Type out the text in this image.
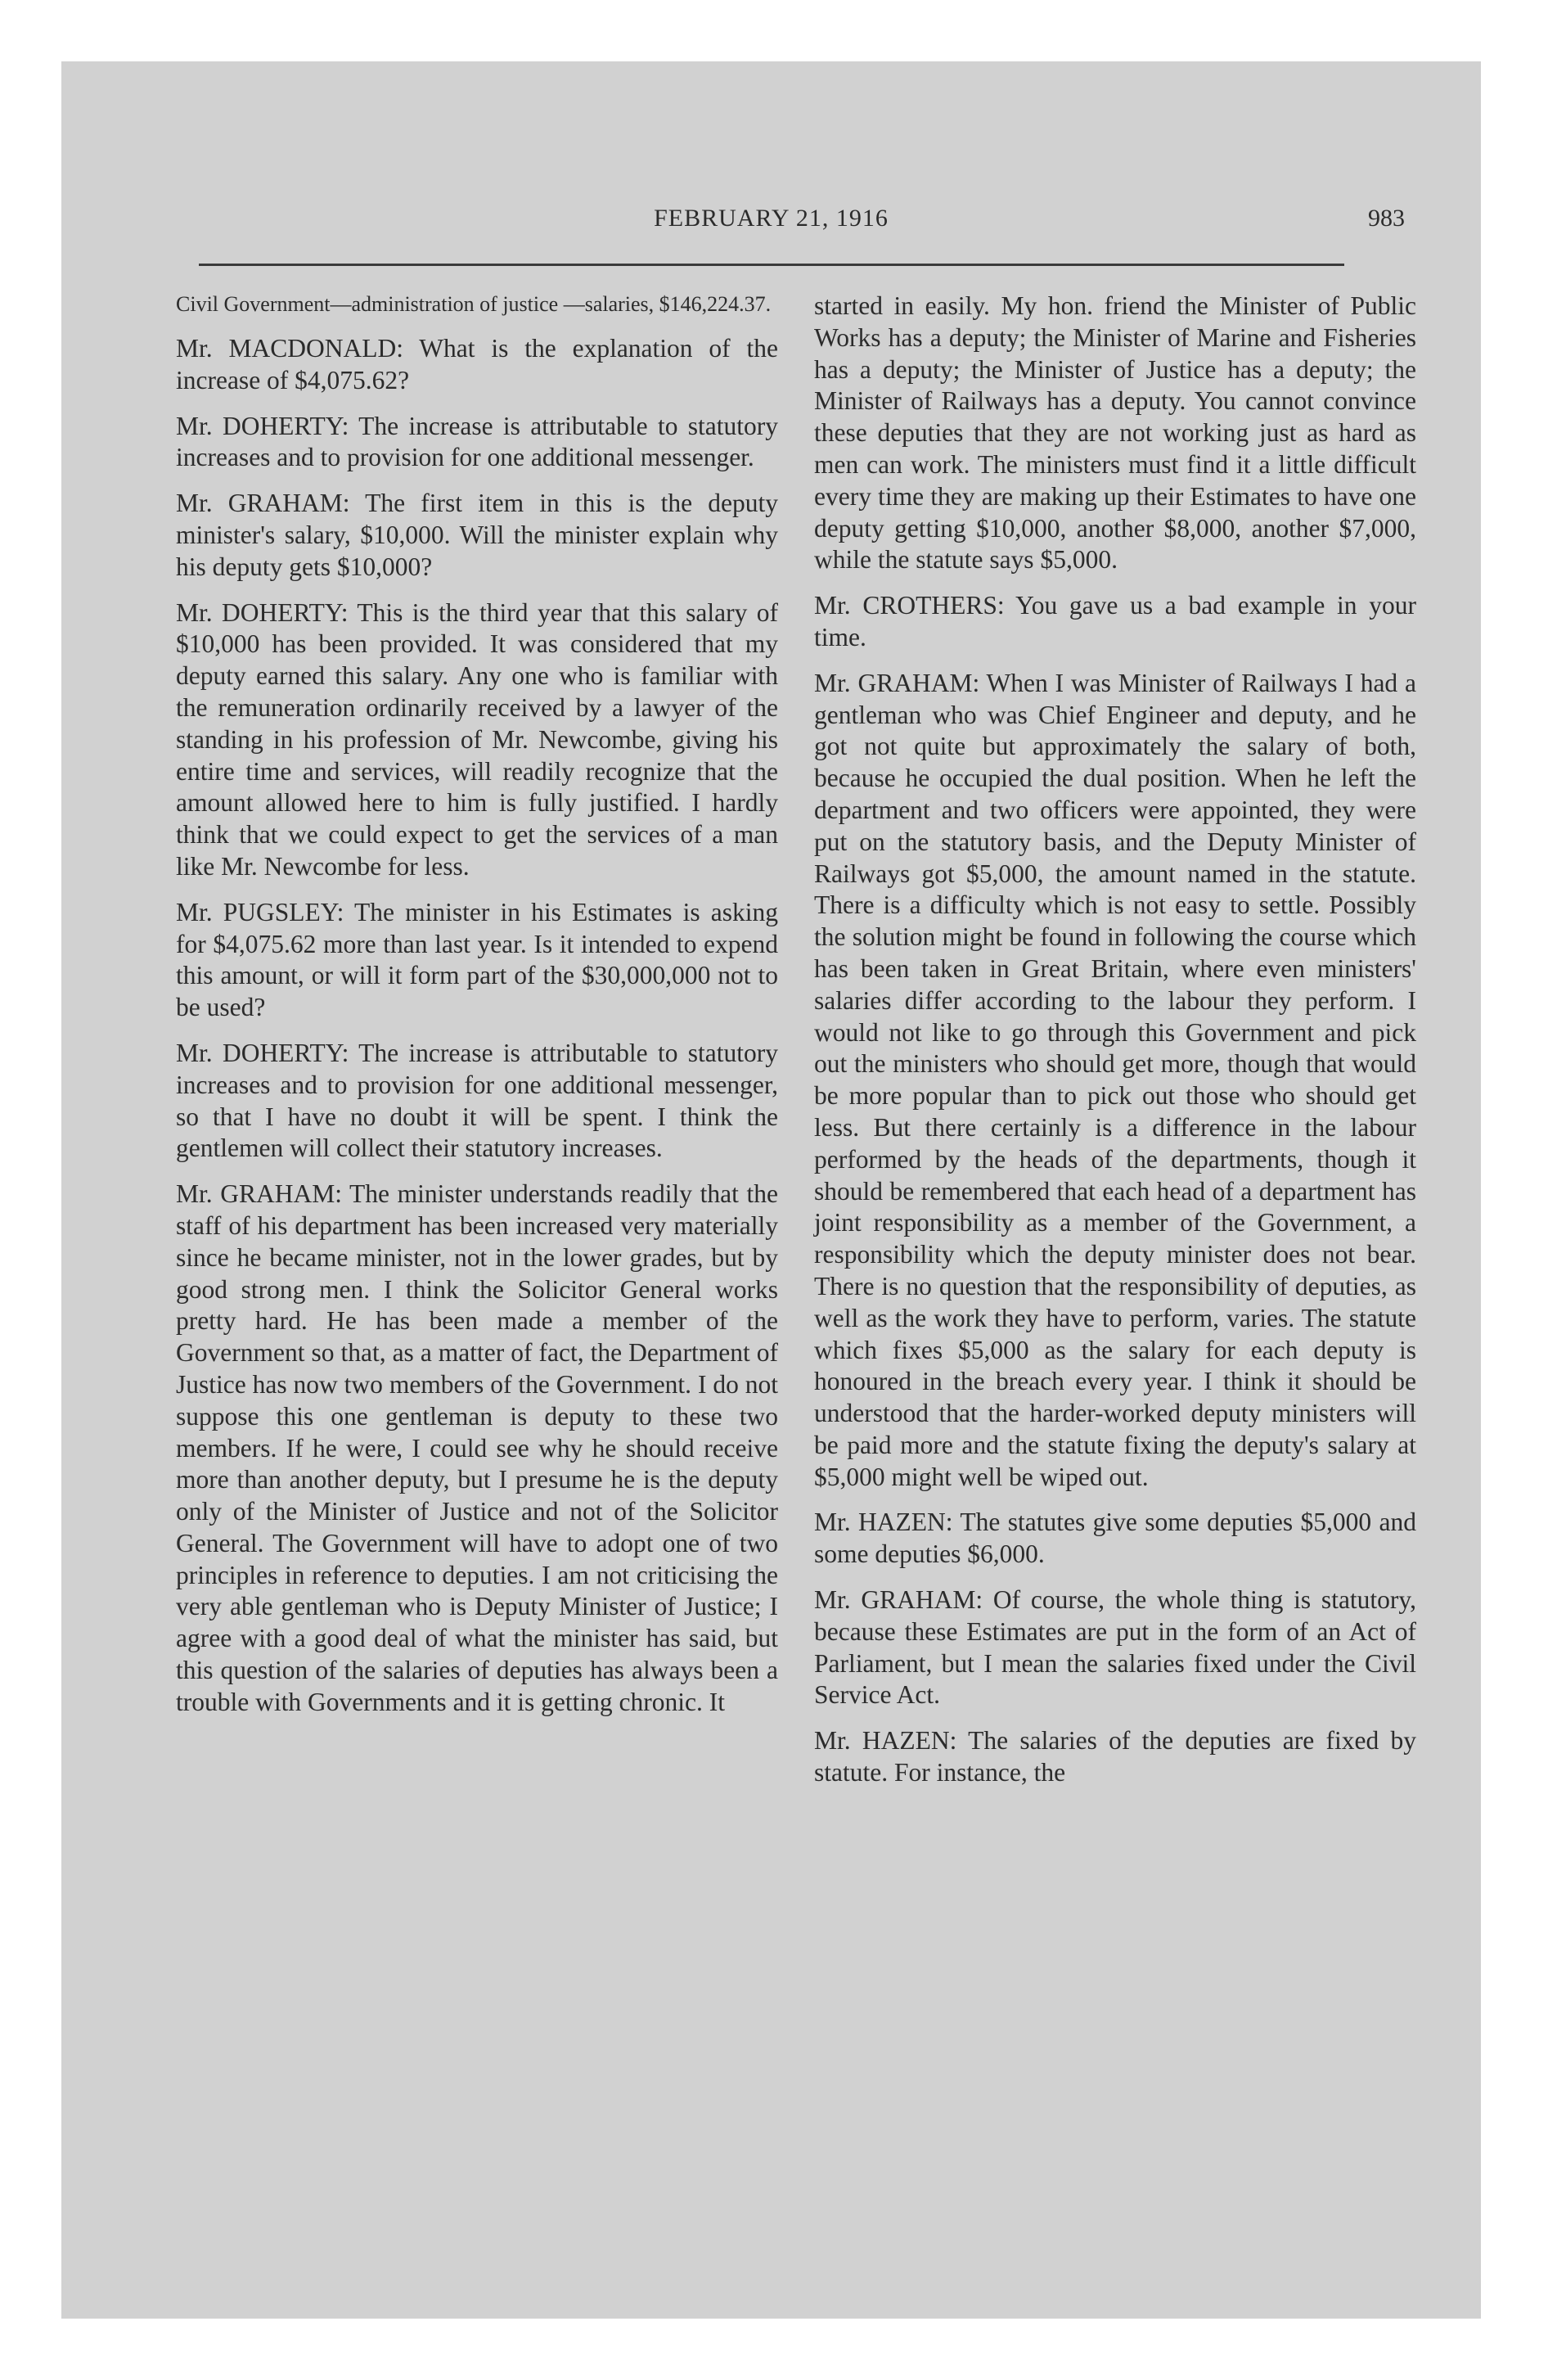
FEBRUARY 21, 1916	983

Civil Government—administration of justice —salaries, $146,224.37.

Mr. MACDONALD: What is the explanation of the increase of $4,075.62?

Mr. DOHERTY: The increase is attributable to statutory increases and to provision for one additional messenger.

Mr. GRAHAM: The first item in this is the deputy minister's salary, $10,000. Will the minister explain why his deputy gets $10,000?

Mr. DOHERTY: This is the third year that this salary of $10,000 has been provided. It was considered that my deputy earned this salary. Any one who is familiar with the remuneration ordinarily received by a lawyer of the standing in his profession of Mr. Newcombe, giving his entire time and services, will readily recognize that the amount allowed here to him is fully justified. I hardly think that we could expect to get the services of a man like Mr. Newcombe for less.

Mr. PUGSLEY: The minister in his Estimates is asking for $4,075.62 more than last year. Is it intended to expend this amount, or will it form part of the $30,000,000 not to be used?

Mr. DOHERTY: The increase is attributable to statutory increases and to provision for one additional messenger, so that I have no doubt it will be spent. I think the gentlemen will collect their statutory increases.

Mr. GRAHAM: The minister understands readily that the staff of his department has been increased very materially since he became minister, not in the lower grades, but by good strong men. I think the Solicitor General works pretty hard. He has been made a member of the Government so that, as a matter of fact, the Department of Justice has now two members of the Government. I do not suppose this one gentleman is deputy to these two members. If he were, I could see why he should receive more than another deputy, but I presume he is the deputy only of the Minister of Justice and not of the Solicitor General. The Government will have to adopt one of two principles in reference to deputies. I am not criticising the very able gentleman who is Deputy Minister of Justice; I agree with a good deal of what the minister has said, but this question of the salaries of deputies has always been a trouble with Governments and it is getting chronic. It

started in easily. My hon. friend the Minister of Public Works has a deputy; the Minister of Marine and Fisheries has a deputy; the Minister of Justice has a deputy; the Minister of Railways has a deputy. You cannot convince these deputies that they are not working just as hard as men can work. The ministers must find it a little difficult every time they are making up their Estimates to have one deputy getting $10,000, another $8,000, another $7,000, while the statute says $5,000.

Mr. CROTHERS: You gave us a bad example in your time.

Mr. GRAHAM: When I was Minister of Railways I had a gentleman who was Chief Engineer and deputy, and he got not quite but approximately the salary of both, because he occupied the dual position. When he left the department and two officers were appointed, they were put on the statutory basis, and the Deputy Minister of Railways got $5,000, the amount named in the statute. There is a difficulty which is not easy to settle. Possibly the solution might be found in following the course which has been taken in Great Britain, where even ministers' salaries differ according to the labour they perform. I would not like to go through this Government and pick out the ministers who should get more, though that would be more popular than to pick out those who should get less. But there certainly is a difference in the labour performed by the heads of the departments, though it should be remembered that each head of a department has joint responsibility as a member of the Government, a responsibility which the deputy minister does not bear. There is no question that the responsibility of deputies, as well as the work they have to perform, varies. The statute which fixes $5,000 as the salary for each deputy is honoured in the breach every year. I think it should be understood that the harder-worked deputy ministers will be paid more and the statute fixing the deputy's salary at $5,000 might well be wiped out.

Mr. HAZEN: The statutes give some deputies $5,000 and some deputies $6,000.

Mr. GRAHAM: Of course, the whole thing is statutory, because these Estimates are put in the form of an Act of Parliament, but I mean the salaries fixed under the Civil Service Act.

Mr. HAZEN: The salaries of the deputies are fixed by statute. For instance, the
